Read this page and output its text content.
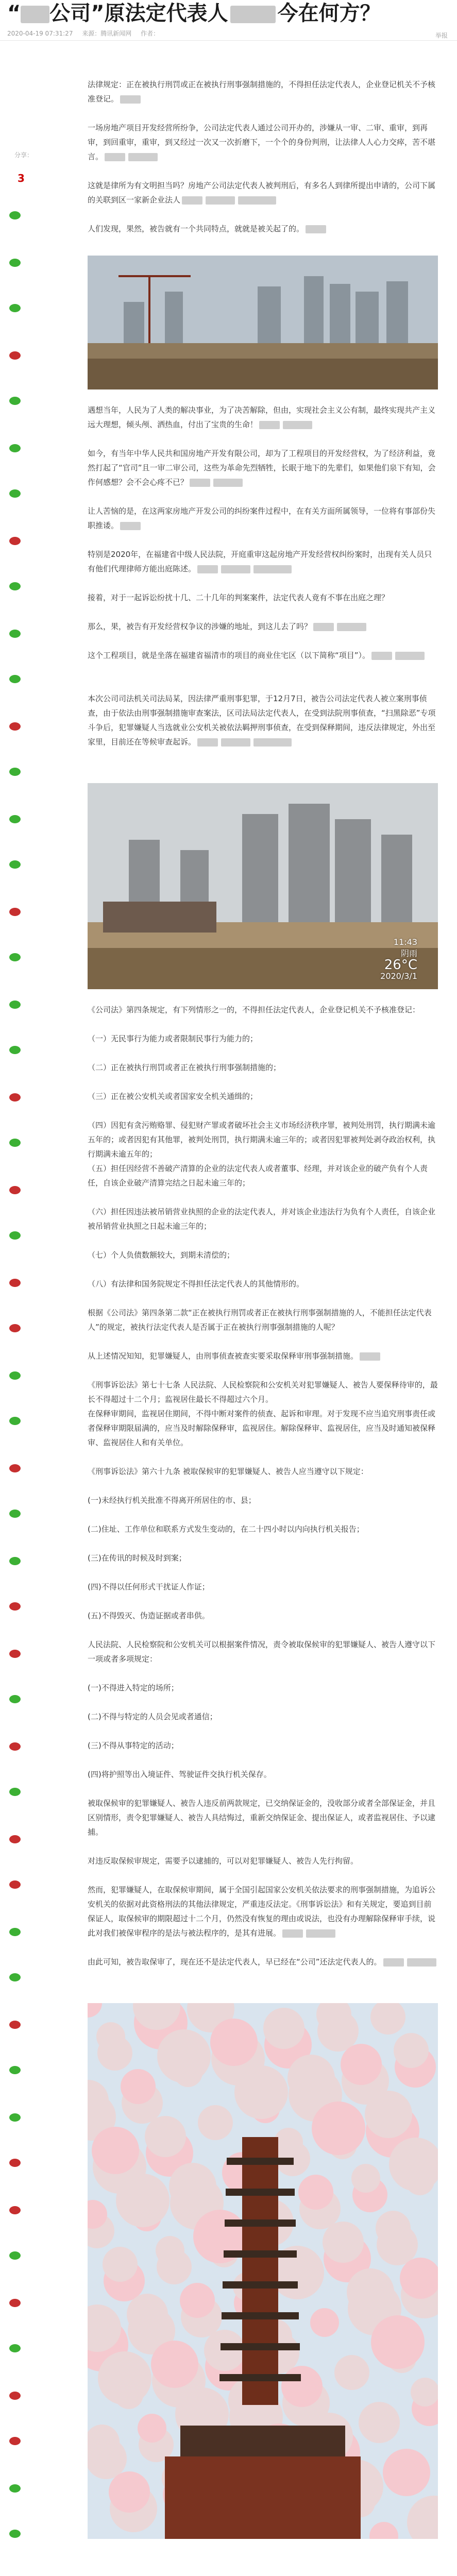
“ 公司”原法定代表人 今在何方？
2020-04-19 07:31:27 来源：腾讯新闻网 作者：	举报
分享：
3
法律规定：正在被执行刑罚或正在被执行刑事强制措施的，不得担任法定代表人，企业登记机关不予核准登记。
一场房地产项目开发经营所纷争，公司法定代表人通过公司开办的，涉嫌从一审、二审、重审，到再审，到回重审，重审，到又经过一次又一次折磨下，一个个的身份判刑，让法律人人心力交瘁，苦不堪言。
这就是律所为有文明担当吗？房地产公司法定代表人被判刑后，有多名人到律所提出申请的，公司下属的关联到区一家新企业法人
人们发现，果然，被告就有一个共同特点，就就是被关起了的。
遇想当年，人民为了人类的解决事业，为了决苦解除，但由，实现社会主义公有制，最终实现共产主义远大理想，倾头颅、洒热血，付出了宝贵的生命！
如今，有当年中华人民共和国房地产开发有限公司，却为了工程项目的开发经营权，为了经济利益，竟然打起了“官司”且一审二审公司，这些为革命先烈牺牲，长眠于地下的先辈们，如果他们泉下有知，会作何感想？会不会心疼不已？
让人苦恼的是，在这两家房地产开发公司的纠纷案件过程中，在有关方面所属领导，一位将有事部份失职推诿。
特别是2020年，在福建省中级人民法院，开庭重审这起房地产开发经营权纠纷案时，出现有关人员只有他们代理律师方能出庭陈述。
接着，对于一起诉讼纷扰十几、二十几年的判案案件，法定代表人竟有不事在出庭之理？
那么，果，被告有开发经营权争议的涉嫌的地址，到这儿去了吗？
这个工程项目，就是坐落在福建省福清市的项目的商业住宅区（以下简称“项目”）。
本次公司司法机关司法局某，因法律严重刑事犯罪，于12月7日，被告公司法定代表人被立案刑事侦查，由于依法由刑事强制措施审查案法，区司法局法定代表人，在受到法院刑事侦查，“扫黑除恶”专项斗争后，犯罪嫌疑人当选就业公安机关被依法羁押刑事侦查，在受到保释期间，违反法律规定，外出至家里，目前还在等候审查起诉。
11:43
阴雨
26°C
2020/3/1
《公司法》第四条规定，有下列情形之一的，不得担任法定代表人，企业登记机关不予核准登记：
（一）无民事行为能力或者限制民事行为能力的；
（二）正在被执行刑罚或者正在被执行刑事强制措施的；
（三）正在被公安机关或者国家安全机关通缉的；
（四）因犯有贪污贿赂罪、侵犯财产罪或者破坏社会主义市场经济秩序罪，被判处刑罚，执行期满未逾五年的；或者因犯有其他罪，被判处刑罚，执行期满未逾三年的；或者因犯罪被判处剥夺政治权利，执行期满未逾五年的；
（五）担任因经营不善破产清算的企业的法定代表人或者董事、经理，并对该企业的破产负有个人责任，自该企业破产清算完结之日起未逾三年的；
（六）担任因违法被吊销营业执照的企业的法定代表人，并对该企业违法行为负有个人责任，自该企业被吊销营业执照之日起未逾三年的；
（七）个人负债数额较大，到期未清偿的；
（八）有法律和国务院规定不得担任法定代表人的其他情形的。
根据《公司法》第四条第二款“正在被执行刑罚或者正在被执行刑事强制措施的人，不能担任法定代表人”的规定，被执行法定代表人是否属于正在被执行刑事强制措施的人呢？
从上述情况知知，犯罪嫌疑人，由刑事侦查被查实要采取保释审刑事强制措施。
《刑事诉讼法》第七十七条 人民法院、人民检察院和公安机关对犯罪嫌疑人、被告人要保释待审的，最长不得超过十二个月；监视居住最长不得超过六个月。
在保释审期间，监视居住期间，不得中断对案件的侦查、起诉和审理。对于发现不应当追究刑事责任或者保释审期限届满的，应当及时解除保释审，监视居住。解除保释审、监视居住，应当及时通知被保释审、监视居住人和有关单位。
《刑事诉讼法》第六十九条 被取保候审的犯罪嫌疑人、被告人应当遵守以下规定：
(一)未经执行机关批准不得离开所居住的市、县；
(二)住址、工作单位和联系方式发生变动的，在二十四小时以内向执行机关报告；
(三)在传讯的时候及时到案；
(四)不得以任何形式干扰证人作证；
(五)不得毁灭、伪造证据或者串供。
人民法院、人民检察院和公安机关可以根据案件情况，责令被取保候审的犯罪嫌疑人、被告人遵守以下一项或者多项规定：
(一)不得进入特定的场所；
(二)不得与特定的人员会见或者通信；
(三)不得从事特定的活动；
(四)将护照等出入境证件、驾驶证件交执行机关保存。
被取保候审的犯罪嫌疑人、被告人违反前两款规定，已交纳保证金的，没收部分或者全部保证金，并且区别情形，责令犯罪嫌疑人、被告人具结悔过，重新交纳保证金、提出保证人，或者监视居住、予以逮捕。
对违反取保候审规定，需要予以逮捕的，可以对犯罪嫌疑人、被告人先行拘留。
然而，犯罪嫌疑人，在取保候审期间，属于全国引起国家公安机关依法要求的刑事强制措施，为追诉公安机关的依据对此资格刑法的其他法律规定，严重违反法定。《刑事诉讼法》和有关规定，要追到目前保证人，取保候审的期限超过十二个月，仍然没有恢复的理由或说法，也没有办理解除保释审手续，说此对我们被保审程序的是法与被法程序的，是其有进展。
由此可知，被告取保审了，现在还不是法定代表人，早已经在“公司”还法定代表人的。
